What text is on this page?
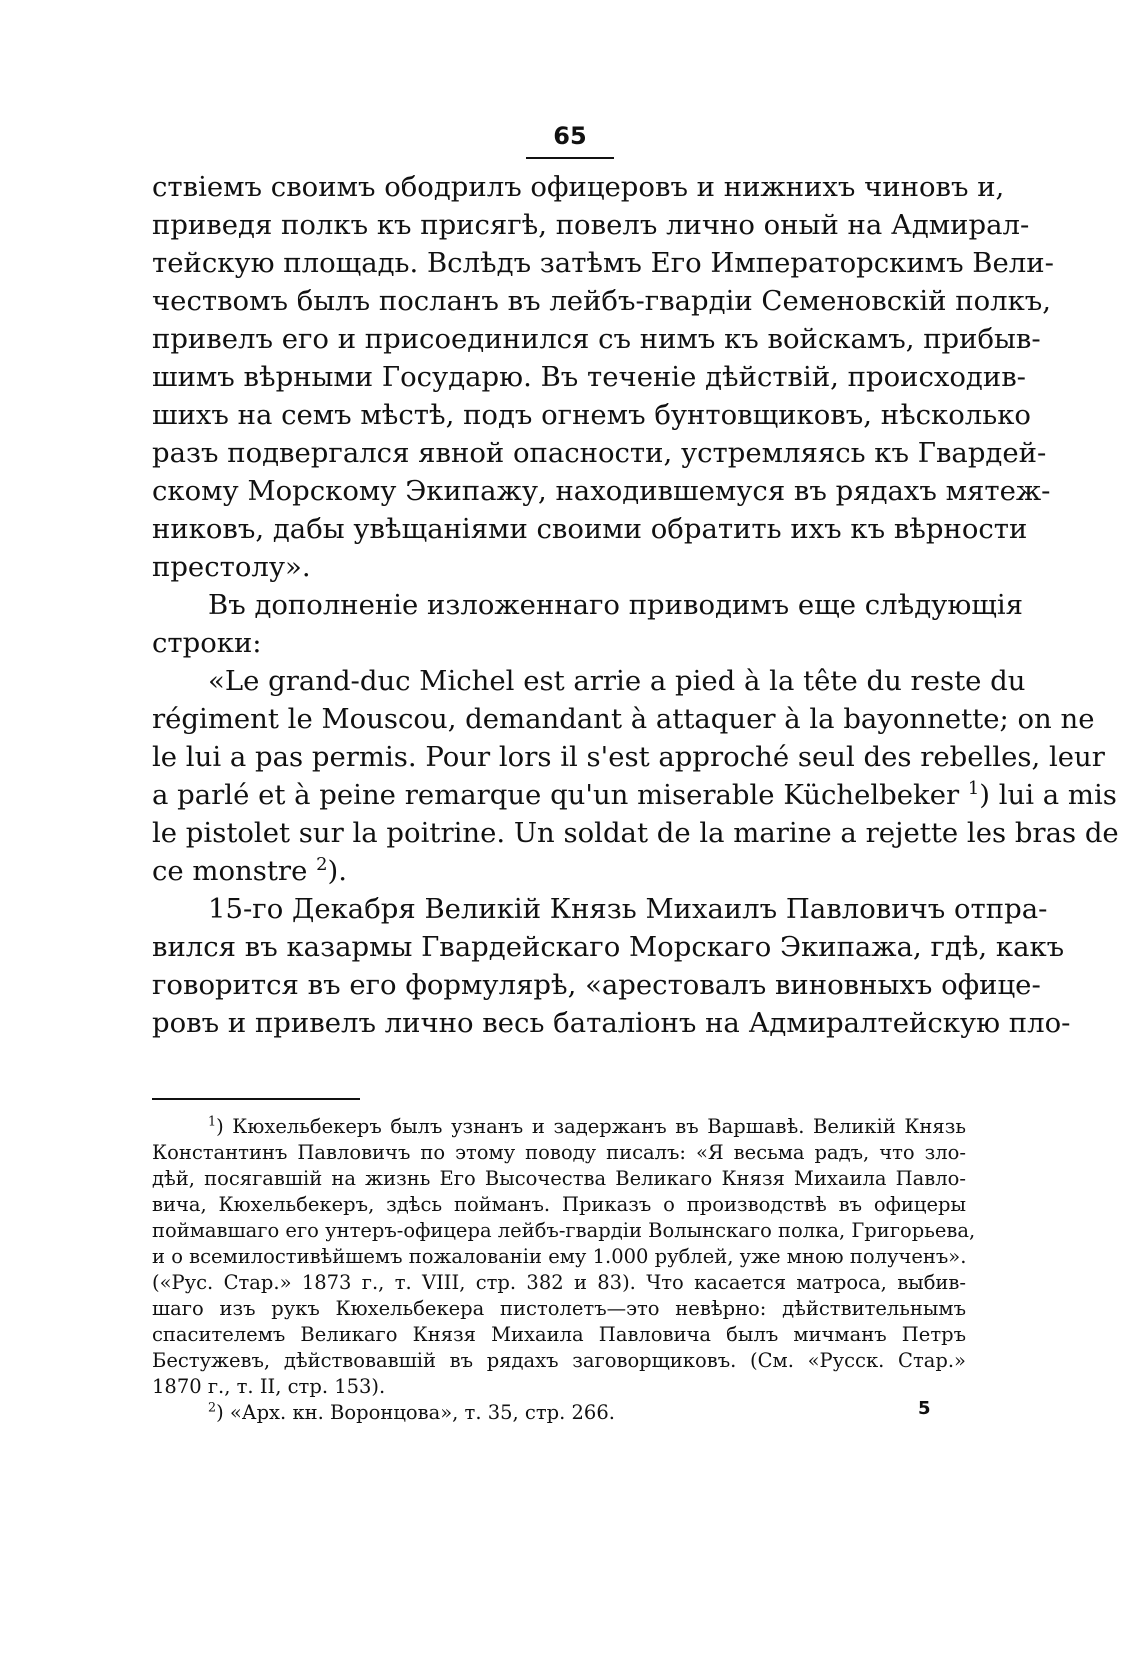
65
ствіемъ своимъ ободрилъ офицеровъ и нижнихъ чиновъ и,
приведя полкъ къ присягѣ, повелъ лично оный на Адмирал-
тейскую площадь. Вслѣдъ затѣмъ Его Императорскимъ Вели-
чествомъ былъ посланъ въ лейбъ-гвардіи Семеновскій полкъ,
привелъ его и присоединился съ нимъ къ войскамъ, прибыв-
шимъ вѣрными Государю. Въ теченіе дѣйствій, происходив-
шихъ на семъ мѣстѣ, подъ огнемъ бунтовщиковъ, нѣсколько
разъ подвергался явной опасности, устремляясь къ Гвардей-
скому Морскому Экипажу, находившемуся въ рядахъ мятеж-
никовъ, дабы увѣщаніями своими обратить ихъ къ вѣрности
престолу».
Въ дополненіе изложеннаго приводимъ еще слѣдующія
строки:
«Le grand-duc Michel est arrie a pied à la tête du reste du
régiment le Mouscou, demandant à attaquer à la bayonnette; on ne
le lui a pas permis. Pour lors il s'est approché seul des rebelles, leur
a parlé et à peine remarque qu'un miserable Küchelbeker $^1$) lui a mis
le pistolet sur la poitrine. Un soldat de la marine a rejette les bras de
ce monstre $^2$).
15-го Декабря Великій Князь Михаилъ Павловичъ отпра-
вился въ казармы Гвардейскаго Морскаго Экипажа, гдѣ, какъ
говорится въ его формулярѣ, «арестовалъ виновныхъ офице-
ровъ и привелъ лично весь баталіонъ на Адмиралтейскую пло-
$^1$) Кюхельбекеръ былъ узнанъ и задержанъ въ Варшавѣ. Великій Князь
Константинъ Павловичъ по этому поводу писалъ: «Я весьма радъ, что зло-
дѣй, посягавшій на жизнь Его Высочества Великаго Князя Михаила Павло-
вича, Кюхельбекеръ, здѣсь пойманъ. Приказъ о производствѣ въ офицеры
поймавшаго его унтеръ-офицера лейбъ-гвардіи Волынскаго полка, Григорьева,
и о всемилостивѣйшемъ пожалованіи ему 1.000 рублей, уже мною полученъ».
(«Рус. Стар.» 1873 г., т. VIII, стр. 382 и 83). Что касается матроса, выбив-
шаго изъ рукъ Кюхельбекера пистолетъ—это невѣрно: дѣйствительнымъ
спасителемъ Великаго Князя Михаила Павловича былъ мичманъ Петръ
Бестужевъ, дѣйствовавшій въ рядахъ заговорщиковъ. (См. «Русск. Стар.»
1870 г., т. II, стр. 153).
$^2$) «Арх. кн. Воронцова», т. 35, стр. 266.	5
